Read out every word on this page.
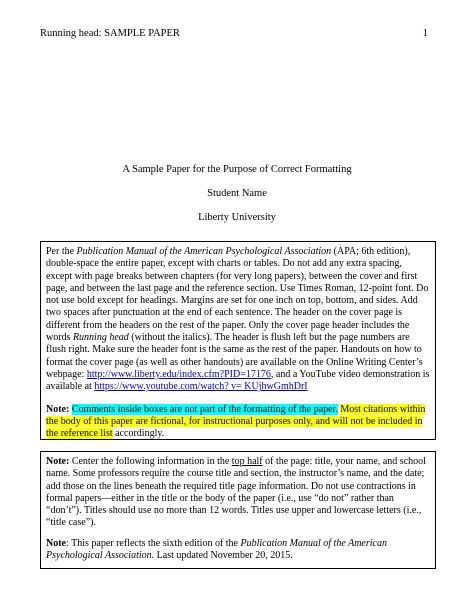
Running head: SAMPLE PAPER	1
A Sample Paper for the Purpose of Correct Formatting
Student Name
Liberty University

Per the Publication Manual of the American Psychological Association (APA; 6th edition), double-space the entire paper, except with charts or tables. Do not add any extra spacing, except with page breaks between chapters (for very long papers), between the cover and first page, and between the last page and the reference section. Use Times Roman, 12-point font. Do not use bold except for headings. Margins are set for one inch on top, bottom, and sides. Add two spaces after punctuation at the end of each sentence. The header on the cover page is different from the headers on the rest of the paper. Only the cover page header includes the words Running head (without the italics). The header is flush left but the page numbers are flush right. Make sure the header font is the same as the rest of the paper. Handouts on how to format the cover page (as well as other handouts) are available on the Online Writing Center’s webpage: http://www.liberty.edu/index.cfm?PID=17176, and a YouTube video demonstration is available at https://www.youtube.com/watch? v= KUjhwGmhDrI

Note: Comments inside boxes are not part of the formatting of the paper. Most citations within the body of this paper are fictional, for instructional purposes only, and will not be included in the reference list accordingly.

Note: Center the following information in the top half of the page: title, your name, and school name. Some professors require the course title and section, the instructor’s name, and the date; add those on the lines beneath the required title page information. Do not use contractions in formal papers—either in the title or the body of the paper (i.e., use “do not” rather than “don’t”). Titles should use no more than 12 words. Titles use upper and lowercase letters (i.e., “title case”).

Note: This paper reflects the sixth edition of the Publication Manual of the American Psychological Association. Last updated November 20, 2015.
